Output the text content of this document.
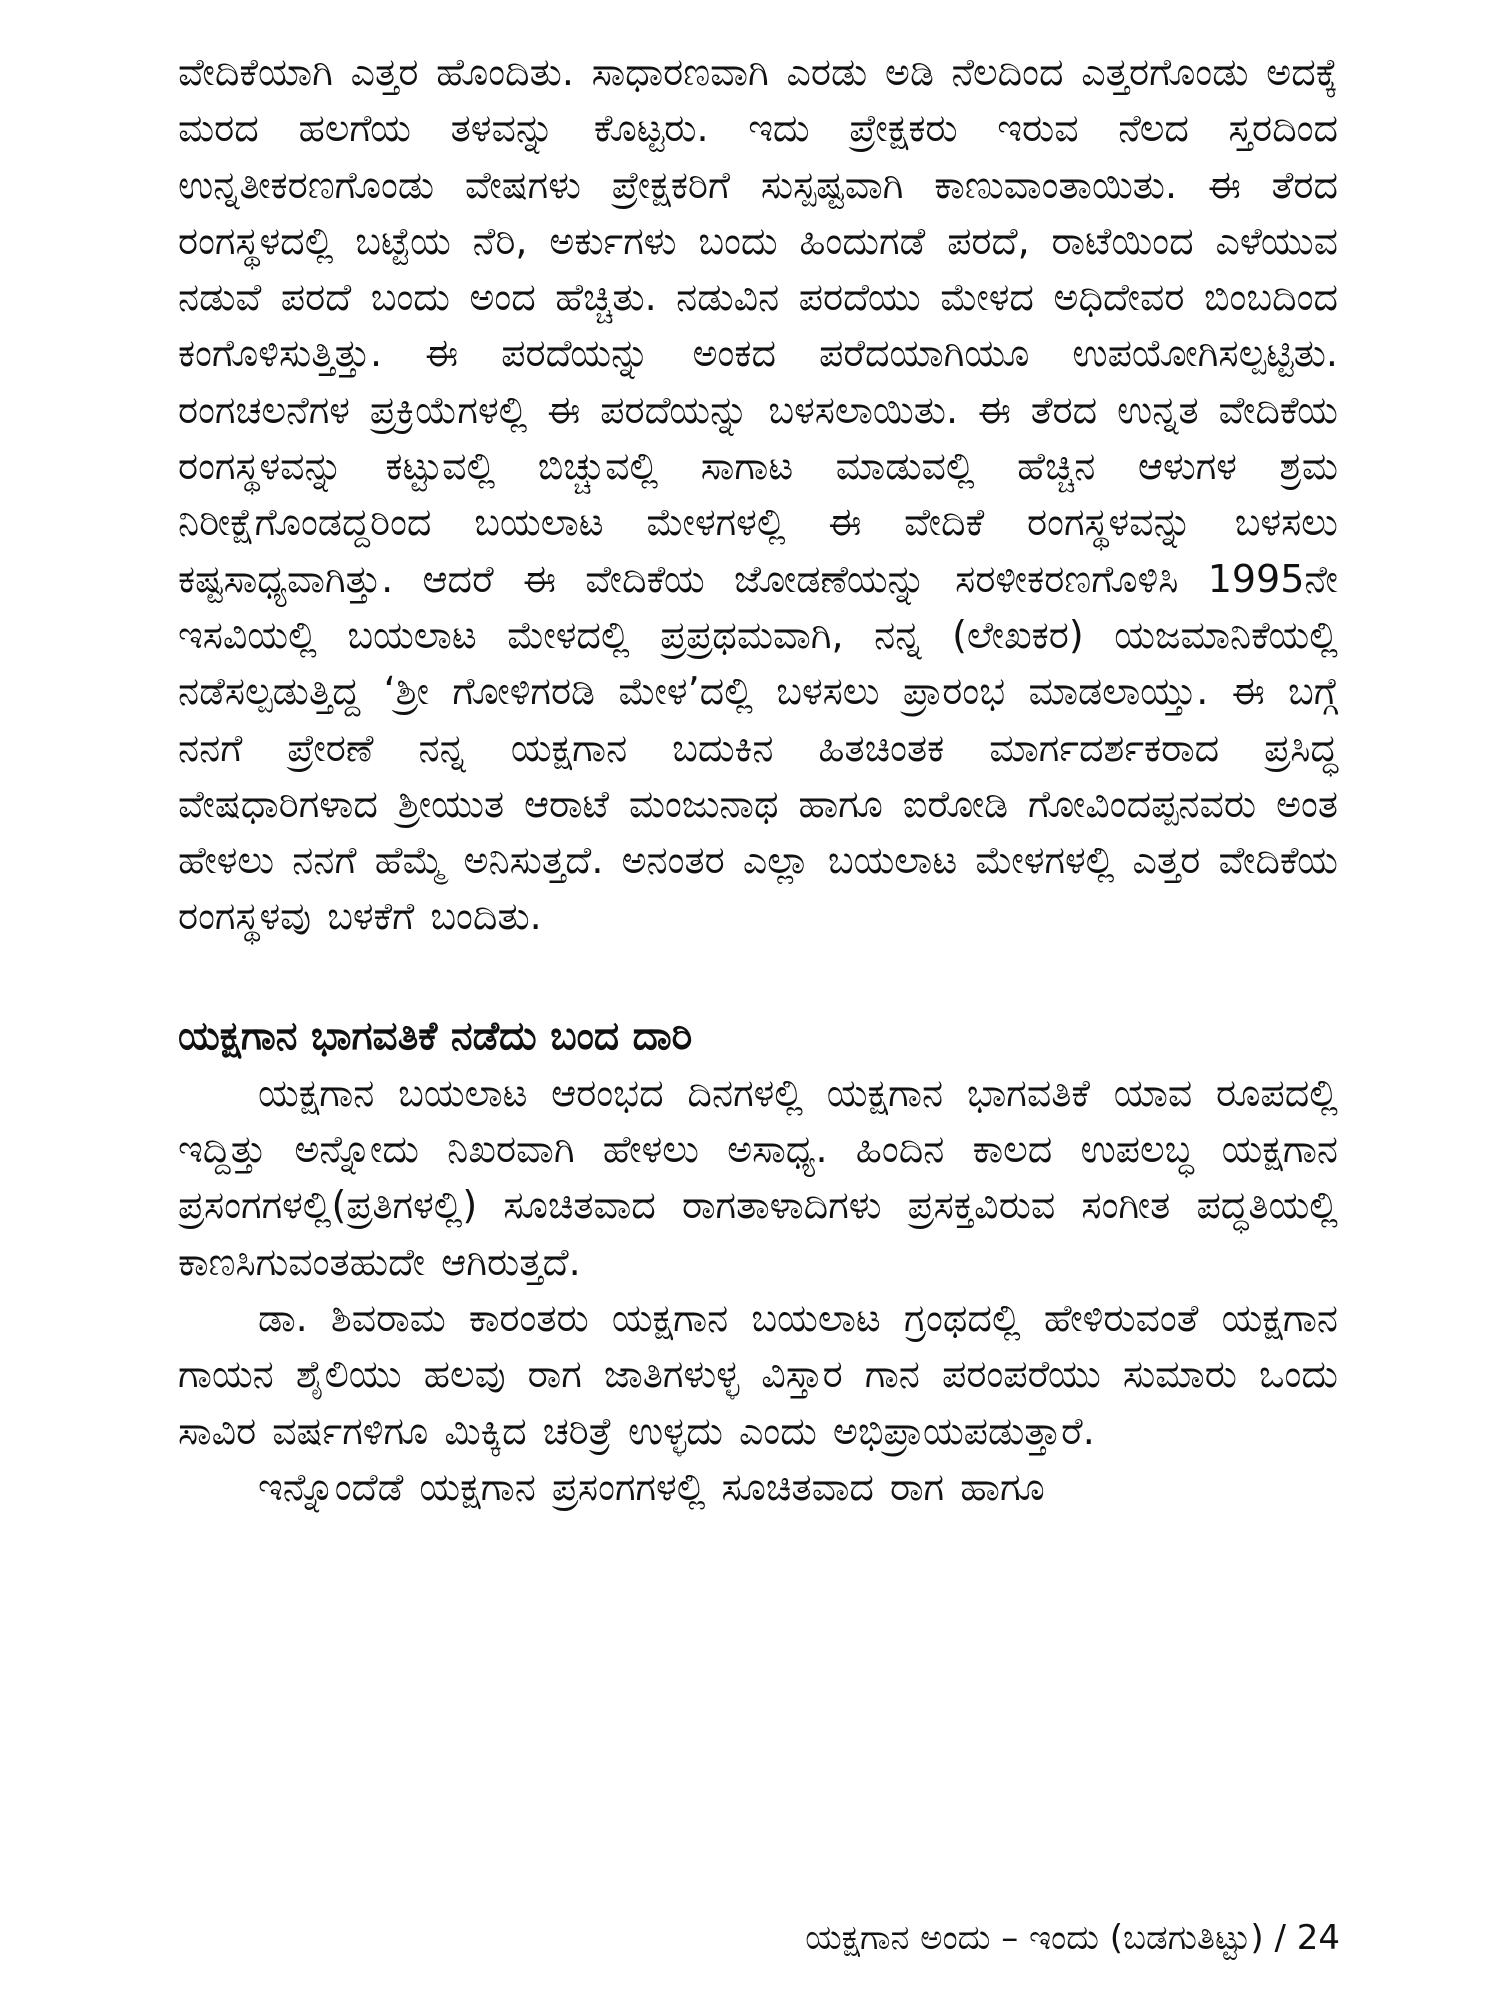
ವೇದಿಕೆಯಾಗಿ ಎತ್ತರ ಹೊಂದಿತು. ಸಾಧಾರಣವಾಗಿ ಎರಡು ಅಡಿ ನೆಲದಿಂದ ಎತ್ತರಗೊಂಡು ಅದಕ್ಕೆ ಮರದ ಹಲಗೆಯ ತಳವನ್ನು ಕೊಟ್ಟರು. ಇದು ಪ್ರೇಕ್ಷಕರು ಇರುವ ನೆಲದ ಸ್ತರದಿಂದ ಉನ್ನತೀಕರಣಗೊಂಡು ವೇಷಗಳು ಪ್ರೇಕ್ಷಕರಿಗೆ ಸುಸ್ಪಷ್ಟವಾಗಿ ಕಾಣುವಾಂತಾಯಿತು. ಈ ತೆರದ ರಂಗಸ್ಥಳದಲ್ಲಿ ಬಟ್ಟೆಯ ನೆರಿ, ಅರ್ಕುಗಳು ಬಂದು ಹಿಂದುಗಡೆ ಪರದೆ, ರಾಟೆಯಿಂದ ಎಳೆಯುವ ನಡುವೆ ಪರದೆ ಬಂದು ಅಂದ ಹೆಚ್ಚಿತು. ನಡುವಿನ ಪರದೆಯು ಮೇಳದ ಅಧಿದೇವರ ಬಿಂಬದಿಂದ ಕಂಗೊಳಿಸುತ್ತಿತ್ತು. ಈ ಪರದೆಯನ್ನು ಅಂಕದ ಪರೆದಯಾಗಿಯೂ ಉಪಯೋಗಿಸಲ್ಪಟ್ಟಿತು. ರಂಗಚಲನೆಗಳ ಪ್ರಕ್ರಿಯೆಗಳಲ್ಲಿ ಈ ಪರದೆಯನ್ನು ಬಳಸಲಾಯಿತು. ಈ ತೆರದ ಉನ್ನತ ವೇದಿಕೆಯ ರಂಗಸ್ಥಳವನ್ನು ಕಟ್ಟುವಲ್ಲಿ ಬಿಚ್ಚುವಲ್ಲಿ ಸಾಗಾಟ ಮಾಡುವಲ್ಲಿ ಹೆಚ್ಚಿನ ಆಳುಗಳ ಶ್ರಮ ನಿರೀಕ್ಷೆಗೊಂಡದ್ದರಿಂದ ಬಯಲಾಟ ಮೇಳಗಳಲ್ಲಿ ಈ ವೇದಿಕೆ ರಂಗಸ್ಥಳವನ್ನು ಬಳಸಲು ಕಷ್ಟಸಾಧ್ಯವಾಗಿತ್ತು. ಆದರೆ ಈ ವೇದಿಕೆಯ ಜೋಡಣೆಯನ್ನು ಸರಳೀಕರಣಗೊಳಿಸಿ 1995ನೇ ಇಸವಿಯಲ್ಲಿ ಬಯಲಾಟ ಮೇಳದಲ್ಲಿ ಪ್ರಪ್ರಥಮವಾಗಿ, ನನ್ನ (ಲೇಖಕರ) ಯಜಮಾನಿಕೆಯಲ್ಲಿ ನಡೆಸಲ್ಪಡುತ್ತಿದ್ದ ‘ಶ್ರೀ ಗೋಳಿಗರಡಿ ಮೇಳ’ದಲ್ಲಿ ಬಳಸಲು ಪ್ರಾರಂಭ ಮಾಡಲಾಯ್ತು. ಈ ಬಗ್ಗೆ ನನಗೆ ಪ್ರೇರಣೆ ನನ್ನ ಯಕ್ಷಗಾನ ಬದುಕಿನ ಹಿತಚಿಂತಕ ಮಾರ್ಗದರ್ಶಕರಾದ ಪ್ರಸಿದ್ಧ ವೇಷಧಾರಿಗಳಾದ ಶ್ರೀಯುತ ಆರಾಟೆ ಮಂಜುನಾಥ ಹಾಗೂ ಐರೋಡಿ ಗೋವಿಂದಪ್ಪನವರು ಅಂತ ಹೇಳಲು ನನಗೆ ಹೆಮ್ಮೆ ಅನಿಸುತ್ತದೆ. ಅನಂತರ ಎಲ್ಲಾ ಬಯಲಾಟ ಮೇಳಗಳಲ್ಲಿ ಎತ್ತರ ವೇದಿಕೆಯ ರಂಗಸ್ಥಳವು ಬಳಕೆಗೆ ಬಂದಿತು.

ಯಕ್ಷಗಾನ ಭಾಗವತಿಕೆ ನಡೆದು ಬಂದ ದಾರಿ

ಯಕ್ಷಗಾನ ಬಯಲಾಟ ಆರಂಭದ ದಿನಗಳಲ್ಲಿ ಯಕ್ಷಗಾನ ಭಾಗವತಿಕೆ ಯಾವ ರೂಪದಲ್ಲಿ ಇದ್ದಿತ್ತು ಅನ್ನೋದು ನಿಖರವಾಗಿ ಹೇಳಲು ಅಸಾಧ್ಯ. ಹಿಂದಿನ ಕಾಲದ ಉಪಲಬ್ಧ ಯಕ್ಷಗಾನ ಪ್ರಸಂಗಗಳಲ್ಲಿ(ಪ್ರತಿಗಳಲ್ಲಿ) ಸೂಚಿತವಾದ ರಾಗತಾಳಾದಿಗಳು ಪ್ರಸಕ್ತವಿರುವ ಸಂಗೀತ ಪದ್ಧತಿಯಲ್ಲಿ ಕಾಣಸಿಗುವಂತಹುದೇ ಆಗಿರುತ್ತದೆ.

ಡಾ. ಶಿವರಾಮ ಕಾರಂತರು ಯಕ್ಷಗಾನ ಬಯಲಾಟ ಗ್ರಂಥದಲ್ಲಿ ಹೇಳಿರುವಂತೆ ಯಕ್ಷಗಾನ ಗಾಯನ ಶೈಲಿಯು ಹಲವು ರಾಗ ಜಾತಿಗಳುಳ್ಳ ವಿಸ್ತಾರ ಗಾನ ಪರಂಪರೆಯು ಸುಮಾರು ಒಂದು ಸಾವಿರ ವರ್ಷಗಳಿಗೂ ಮಿಕ್ಕಿದ ಚರಿತ್ರೆ ಉಳ್ಳದು ಎಂದು ಅಭಿಪ್ರಾಯಪಡುತ್ತಾರೆ.

ಇನ್ನೊಂದೆಡೆ ಯಕ್ಷಗಾನ ಪ್ರಸಂಗಗಳಲ್ಲಿ ಸೂಚಿತವಾದ ರಾಗ ಹಾಗೂ

ಯಕ್ಷಗಾನ ಅಂದು – ಇಂದು (ಬಡಗುತಿಟ್ಟು) / 24
